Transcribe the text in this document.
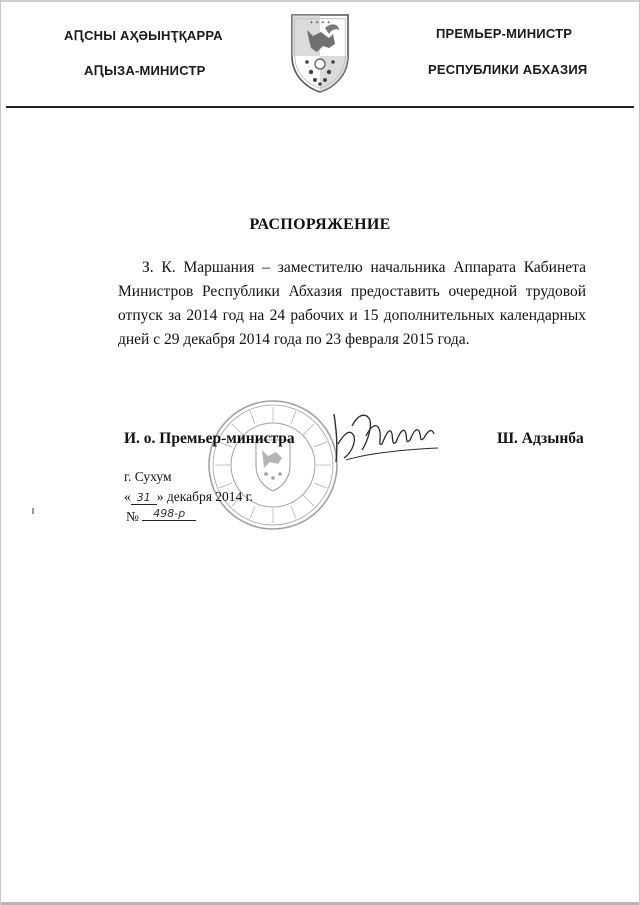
АԤСНЫ АҲӘЫНҬҚАРРА
АԤЫЗА-МИНИСТР
ПРЕМЬЕР-МИНИСТР
РЕСПУБЛИКИ АБХАЗИЯ
✦ ✦ ✦ ✦
РАСПОРЯЖЕНИЕ
З. К. Маршания – заместителю начальника Аппарата Кабинета Министров Республики Абхазия предоставить очередной трудовой отпуск за 2014 год на 24 рабочих и 15 дополнительных календарных дней с 29 декабря 2014 года по 23 февраля 2015 года.
И. о. Премьер-министра	Ш. Адзынба
г. Сухум
« 31 » декабря 2014 г.
№ 498-р
